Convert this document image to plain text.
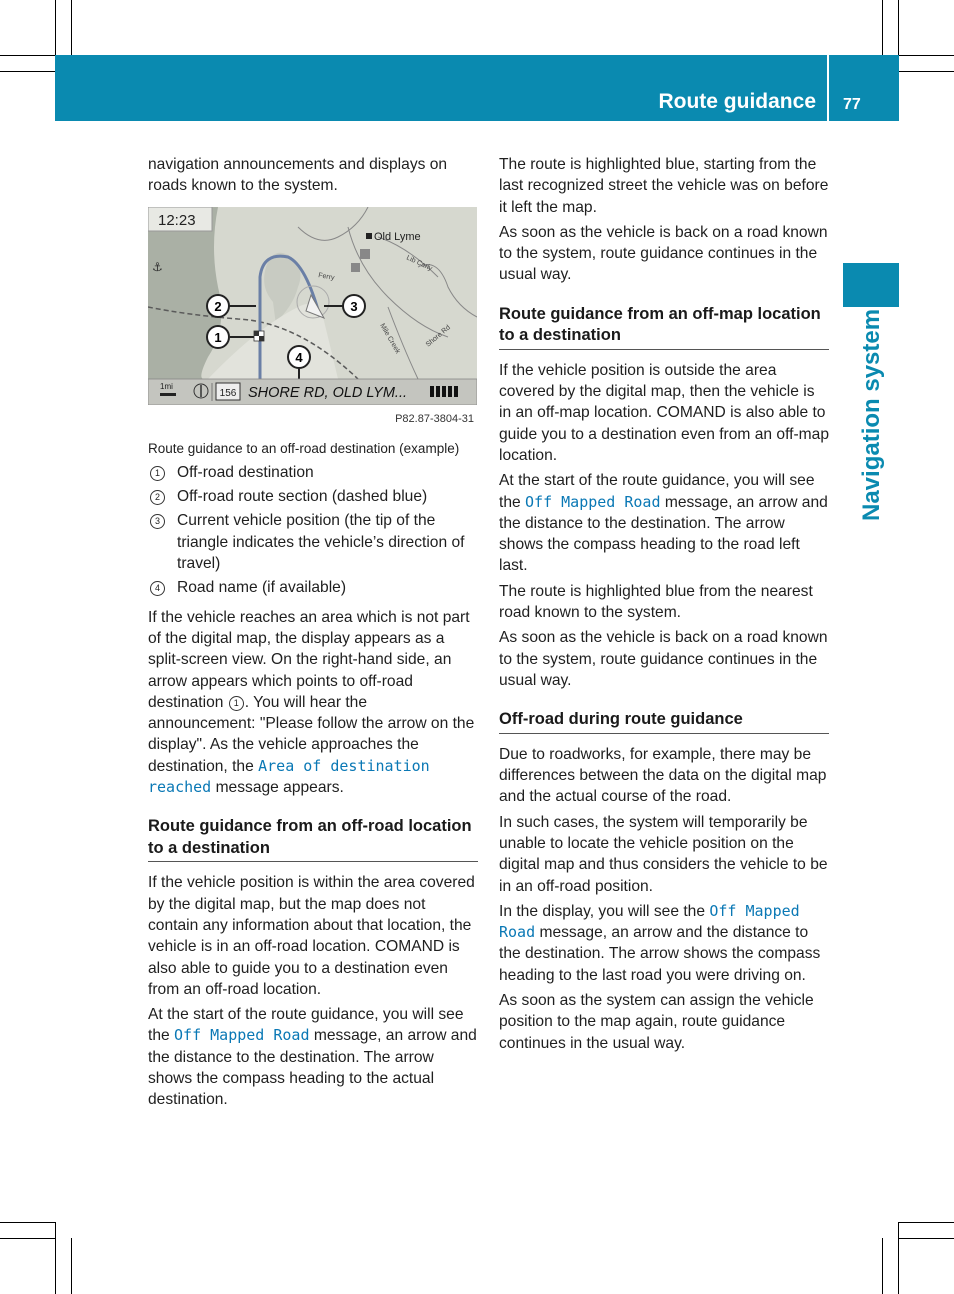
Route guidance 77
Navigation system

navigation announcements and displays on roads known to the system.

12:23
Old Lyme
Ferry
Lib Carly
Mile Creek	Shore Rd
⚓
1
2	3
4
1mi
156 SHORE RD, OLD LYM...
P82.87-3804-31

Route guidance to an off-road destination (example)

1	Off-road destination
2	Off-road route section (dashed blue)
3	Current vehicle position (the tip of the triangle indicates the vehicle’s direction of travel)
4	Road name (if available)

If the vehicle reaches an area which is not part of the digital map, the display appears as a split-screen view. On the right-hand side, an arrow appears which points to off-road destination 1 . You will hear the announcement: "Please follow the arrow on the display". As the vehicle approaches the destination, the Area of destination reached message appears.

Route guidance from an off-road location to a destination

If the vehicle position is within the area covered by the digital map, but the map does not contain any information about that location, the vehicle is in an off-road location. COMAND is also able to guide you to a destination even from an off-road location.

At the start of the route guidance, you will see the Off Mapped Road message, an arrow and the distance to the destination. The arrow shows the compass heading to the actual destination.

The route is highlighted blue, starting from the last recognized street the vehicle was on before it left the map.

As soon as the vehicle is back on a road known to the system, route guidance continues in the usual way.

Route guidance from an off-map location to a destination

If the vehicle position is outside the area covered by the digital map, then the vehicle is in an off-map location. COMAND is also able to guide you to a destination even from an off-map location.

At the start of the route guidance, you will see the Off Mapped Road message, an arrow and the distance to the destination. The arrow shows the compass heading to the road left last.

The route is highlighted blue from the nearest road known to the system.

As soon as the vehicle is back on a road known to the system, route guidance continues in the usual way.

Off-road during route guidance

Due to roadworks, for example, there may be differences between the data on the digital map and the actual course of the road.

In such cases, the system will temporarily be unable to locate the vehicle position on the digital map and thus considers the vehicle to be in an off-road position.

In the display, you will see the Off Mapped Road message, an arrow and the distance to the destination. The arrow shows the compass heading to the last road you were driving on.

As soon as the system can assign the vehicle position to the map again, route guidance continues in the usual way.
